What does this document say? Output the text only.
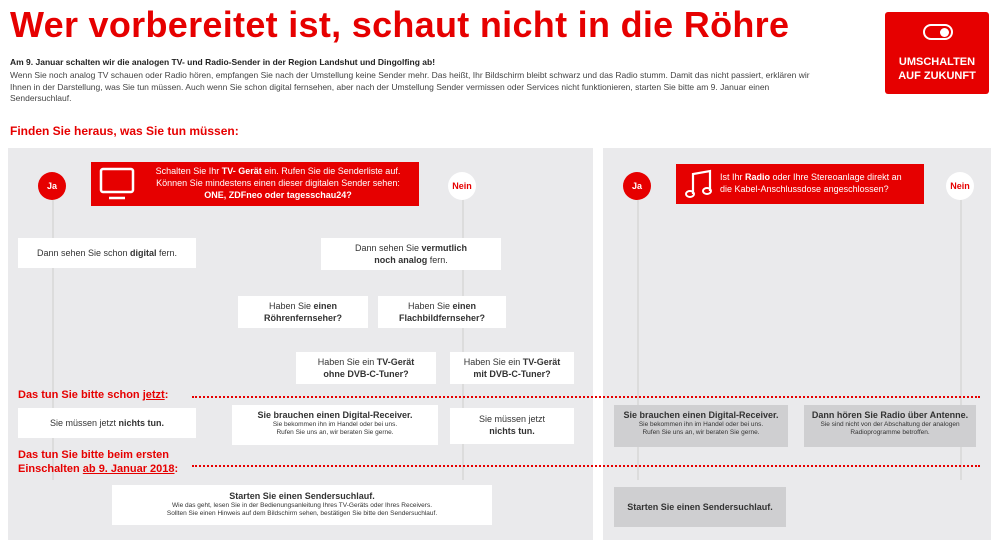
Wer vorbereitet ist, schaut nicht in die Röhre
Am 9. Januar schalten wir die analogen TV- und Radio-Sender in der Region Landshut und Dingolfing ab!
Wenn Sie noch analog TV schauen oder Radio hören, empfangen Sie nach der Umstellung keine Sender mehr. Das heißt, Ihr Bildschirm bleibt schwarz und das Radio stumm. Damit das nicht passiert, erklären wir Ihnen in der Darstellung, was Sie tun müssen. Auch wenn Sie schon digital fernsehen, aber nach der Umstellung Sender vermissen oder Services nicht funktionieren, starten Sie bitte am 9. Januar einen Sendersuchlauf.
Finden Sie heraus, was Sie tun müssen:
UMSCHALTEN
AUF ZUKUNFT
Ja
Schalten Sie Ihr TV- Gerät ein. Rufen Sie die Senderliste auf.
Können Sie mindestens einen dieser digitalen Sender sehen:
ONE, ZDFneo oder tagesschau24?
Nein
Dann sehen Sie schon digital fern.	Dann sehen Sie vermutlich
noch analog fern.
Haben Sie einen
Röhrenfernseher?
Haben Sie einen
Flachbildfernseher?
Haben Sie ein TV-Gerät
ohne DVB-C-Tuner?
Haben Sie ein TV-Gerät
mit DVB-C-Tuner?
Das tun Sie bitte schon jetzt:
Sie müssen jetzt nichts tun.
Sie brauchen einen Digital-Receiver.
Sie bekommen ihn im Handel oder bei uns.
Rufen Sie uns an, wir beraten Sie gerne.
Sie müssen jetzt
nichts tun.
Das tun Sie bitte beim ersten
Einschalten ab 9. Januar 2018:
Starten Sie einen Sendersuchlauf.
Wie das geht, lesen Sie in der Bedienungsanleitung Ihres TV-Geräts oder Ihres Receivers.
Sollten Sie einen Hinweis auf dem Bildschirm sehen, bestätigen Sie bitte den Sendersuchlauf.
Ja
Ist Ihr Radio oder Ihre Stereoanlage direkt an
die Kabel-Anschlussdose angeschlossen?	Nein
Sie brauchen einen Digital-Receiver.
Sie bekommen ihn im Handel oder bei uns.
Rufen Sie uns an, wir beraten Sie gerne.
Dann hören Sie Radio über Antenne.
Sie sind nicht von der Abschaltung der analogen
Radioprogramme betroffen.
Starten Sie einen Sendersuchlauf.
